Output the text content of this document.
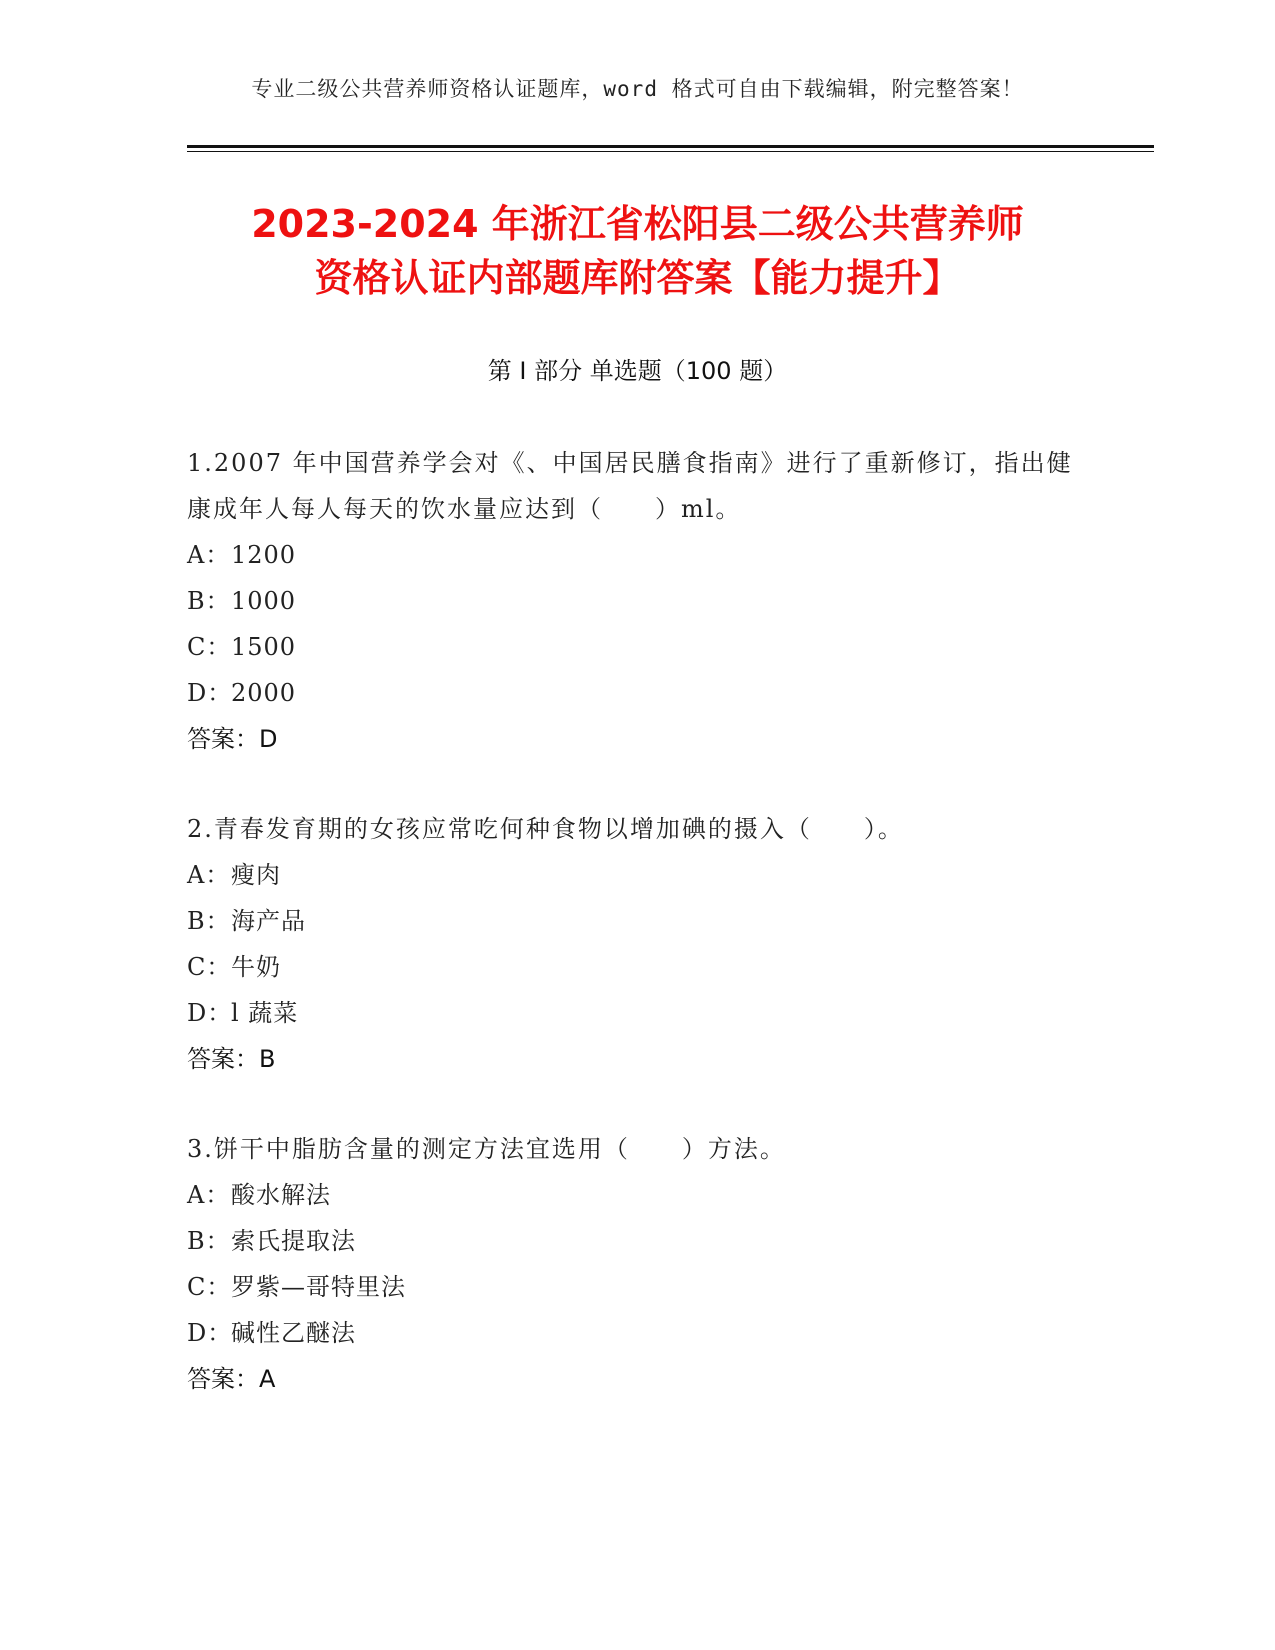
专业二级公共营养师资格认证题库，word 格式可自由下载编辑，附完整答案！
2023-2024 年浙江省松阳县二级公共营养师
资格认证内部题库附答案【能力提升】
第 I 部分 单选题（100 题）
1.2007 年中国营养学会对《、中国居民膳食指南》进行了重新修订，指出健康成年人每人每天的饮水量应达到（　　）ml。
A：1200
B：1000
C：1500
D：2000
答案：D
2.青春发育期的女孩应常吃何种食物以增加碘的摄入（　　）。
A：瘦肉
B：海产品
C：牛奶
D：l 蔬菜
答案：B
3.饼干中脂肪含量的测定方法宜选用（　　）方法。
A：酸水解法
B：索氏提取法
C：罗紫—哥特里法
D：碱性乙醚法
答案：A
